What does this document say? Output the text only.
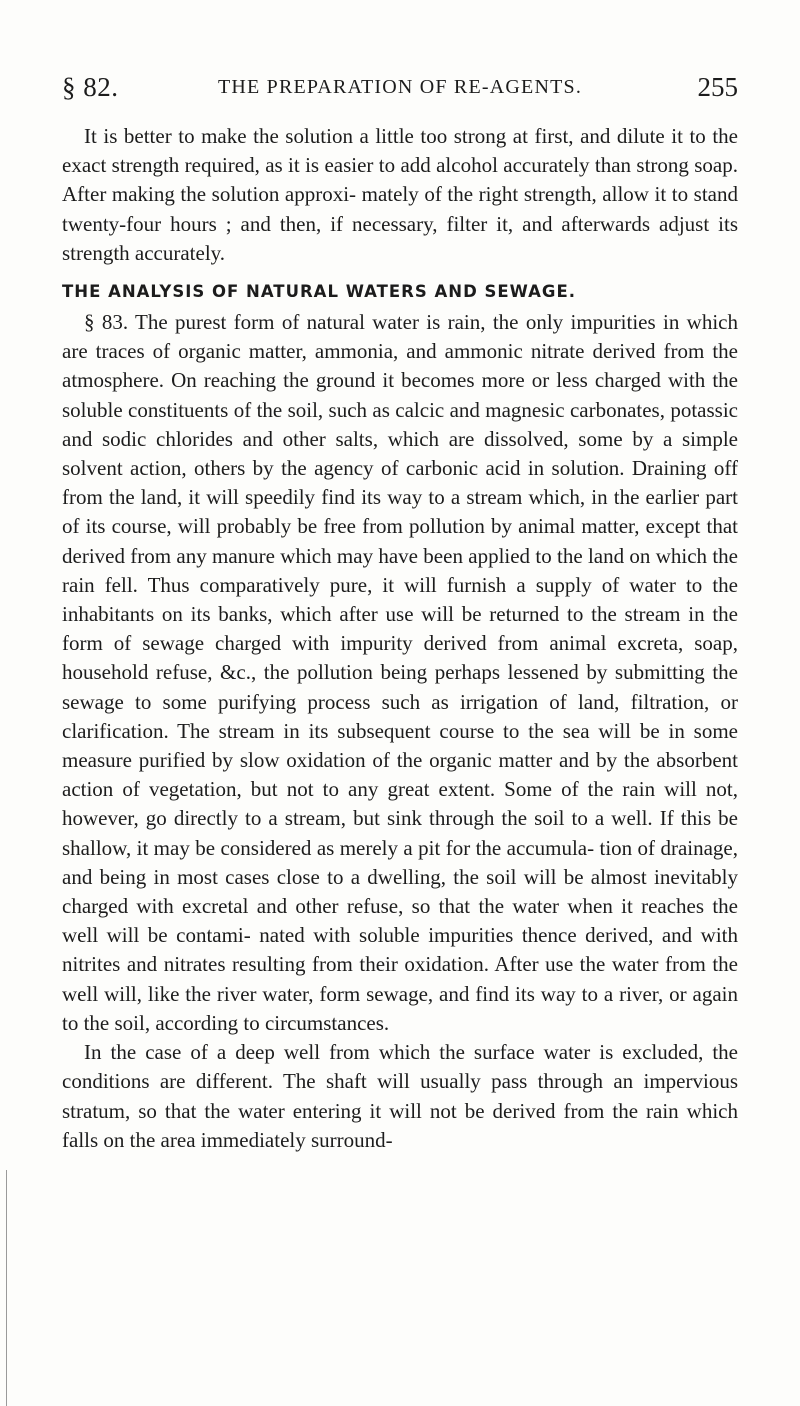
§ 82.	THE PREPARATION OF RE-AGENTS.	255

It is better to make the solution a little too strong at first, and dilute it to the exact strength required, as it is easier to add alcohol accurately than strong soap. After making the solution approxi- mately of the right strength, allow it to stand twenty-four hours ; and then, if necessary, filter it, and afterwards adjust its strength accurately.

THE ANALYSIS OF NATURAL WATERS AND SEWAGE.

§ 83. The purest form of natural water is rain, the only impurities in which are traces of organic matter, ammonia, and ammonic nitrate derived from the atmosphere. On reaching the ground it becomes more or less charged with the soluble constituents of the soil, such as calcic and magnesic carbonates, potassic and sodic chlorides and other salts, which are dissolved, some by a simple solvent action, others by the agency of carbonic acid in solution. Draining off from the land, it will speedily find its way to a stream which, in the earlier part of its course, will probably be free from pollution by animal matter, except that derived from any manure which may have been applied to the land on which the rain fell. Thus comparatively pure, it will furnish a supply of water to the inhabitants on its banks, which after use will be returned to the stream in the form of sewage charged with impurity derived from animal excreta, soap, household refuse, &c., the pollution being perhaps lessened by submitting the sewage to some purifying process such as irrigation of land, filtration, or clarification. The stream in its subsequent course to the sea will be in some measure purified by slow oxidation of the organic matter and by the absorbent action of vegetation, but not to any great extent. Some of the rain will not, however, go directly to a stream, but sink through the soil to a well. If this be shallow, it may be considered as merely a pit for the accumula- tion of drainage, and being in most cases close to a dwelling, the soil will be almost inevitably charged with excretal and other refuse, so that the water when it reaches the well will be contami- nated with soluble impurities thence derived, and with nitrites and nitrates resulting from their oxidation. After use the water from the well will, like the river water, form sewage, and find its way to a river, or again to the soil, according to circumstances.

In the case of a deep well from which the surface water is excluded, the conditions are different. The shaft will usually pass through an impervious stratum, so that the water entering it will not be derived from the rain which falls on the area immediately surround-
